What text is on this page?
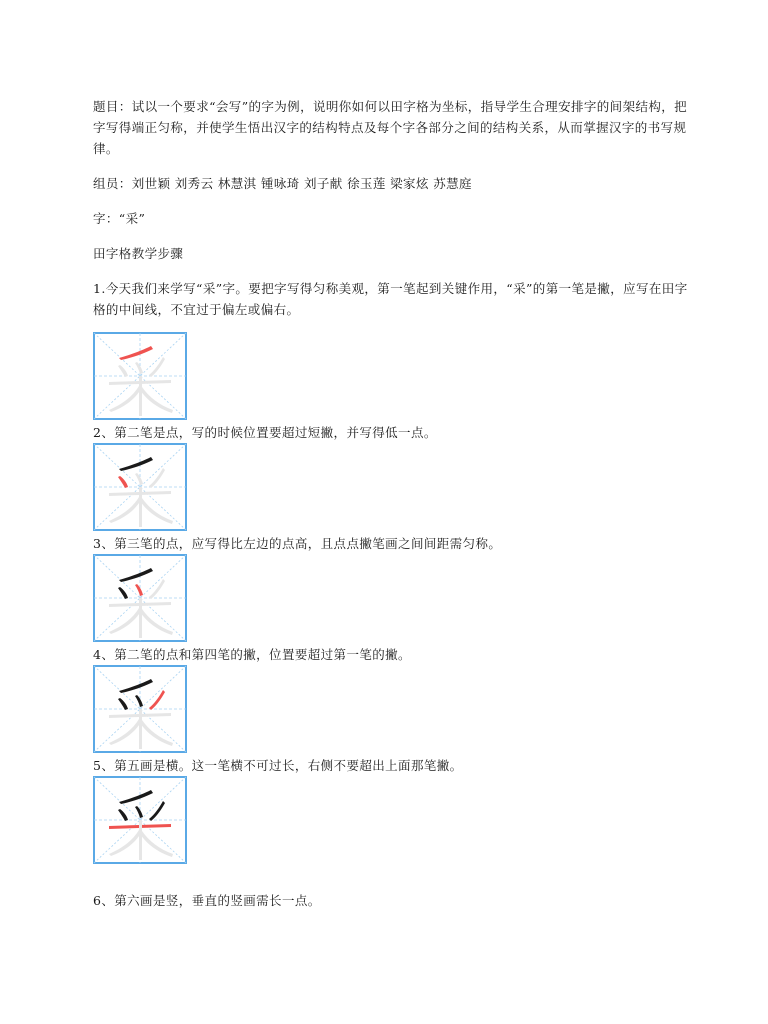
题目：试以一个要求“会写”的字为例，说明你如何以田字格为坐标，指导学生合理安排字的间架结构，把字写得端正匀称，并使学生悟出汉字的结构特点及每个字各部分之间的结构关系，从而掌握汉字的书写规律。

组员：刘世颖 刘秀云 林慧淇 锺咏琦 刘子献 徐玉莲 梁家炫 苏慧庭

字：“采”

田字格教学步骤

1.今天我们来学写“采”字。要把字写得匀称美观，第一笔起到关键作用，“采”的第一笔是撇，应写在田字格的中间线，不宜过于偏左或偏右。

2、第二笔是点，写的时候位置要超过短撇，并写得低一点。

3、第三笔的点，应写得比左边的点高，且点点撇笔画之间间距需匀称。

4、第二笔的点和第四笔的撇，位置要超过第一笔的撇。

5、第五画是横。这一笔横不可过长，右侧不要超出上面那笔撇。

6、第六画是竖，垂直的竖画需长一点。
